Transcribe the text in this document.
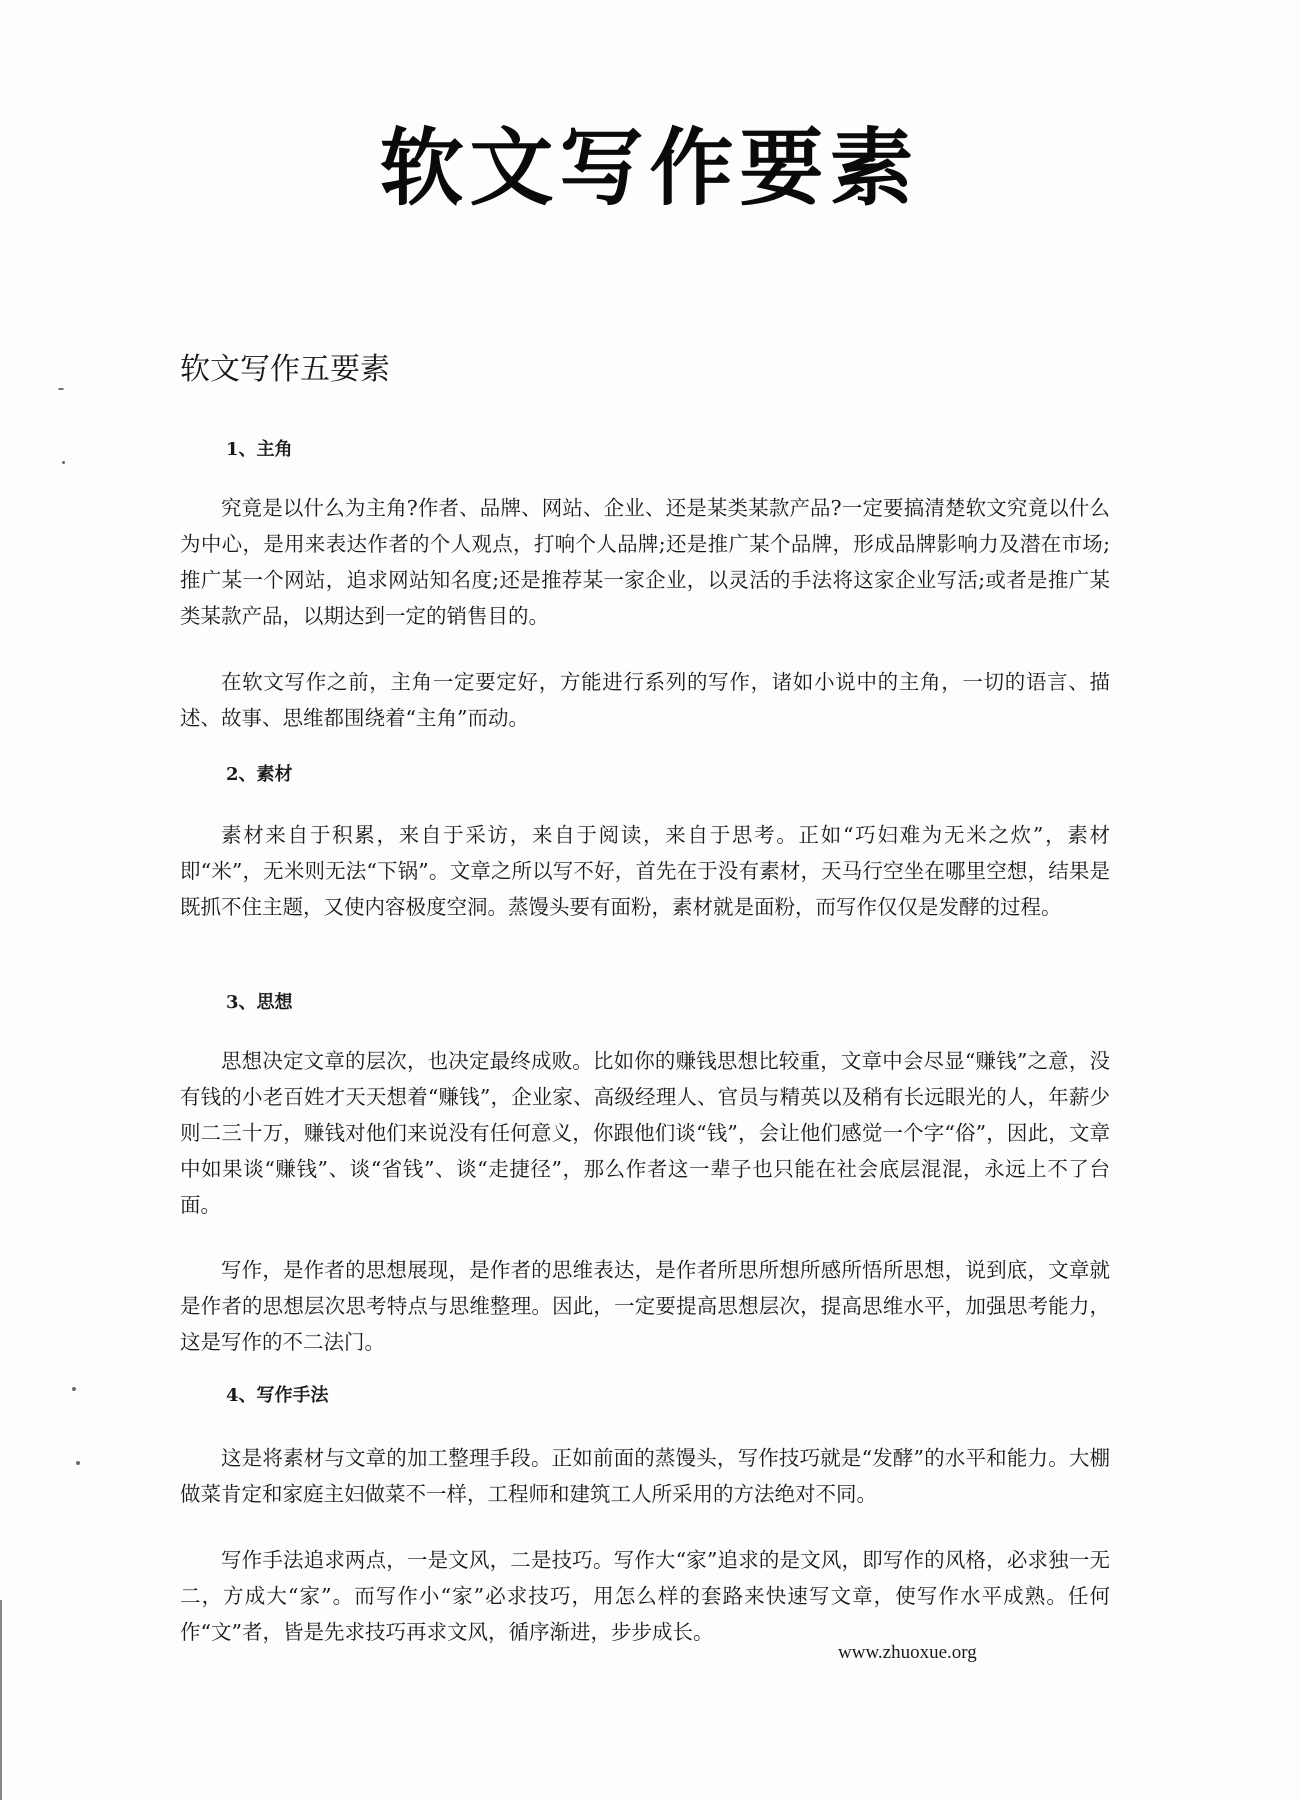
软文写作要素
软文写作五要素
1、主角

究竟是以什么为主角?作者、品牌、网站、企业、还是某类某款产品?一定要搞清楚软文究竟以什么为中心，是用来表达作者的个人观点，打响个人品牌;还是推广某个品牌，形成品牌影响力及潜在市场;推广某一个网站，追求网站知名度;还是推荐某一家企业，以灵活的手法将这家企业写活;或者是推广某类某款产品，以期达到一定的销售目的。

在软文写作之前，主角一定要定好，方能进行系列的写作，诸如小说中的主角，一切的语言、描述、故事、思维都围绕着“主角”而动。

2、素材

素材来自于积累，来自于采访，来自于阅读，来自于思考。正如“巧妇难为无米之炊”，素材即“米”，无米则无法“下锅”。文章之所以写不好，首先在于没有素材，天马行空坐在哪里空想，结果是既抓不住主题，又使内容极度空洞。蒸馒头要有面粉，素材就是面粉，而写作仅仅是发酵的过程。

3、思想

思想决定文章的层次，也决定最终成败。比如你的赚钱思想比较重，文章中会尽显“赚钱”之意，没有钱的小老百姓才天天想着“赚钱”，企业家、高级经理人、官员与精英以及稍有长远眼光的人，年薪少则二三十万，赚钱对他们来说没有任何意义，你跟他们谈“钱”，会让他们感觉一个字“俗”，因此，文章中如果谈“赚钱”、谈“省钱”、谈“走捷径”，那么作者这一辈子也只能在社会底层混混，永远上不了台面。

写作，是作者的思想展现，是作者的思维表达，是作者所思所想所感所悟所思想，说到底，文章就是作者的思想层次思考特点与思维整理。因此，一定要提高思想层次，提高思维水平，加强思考能力，这是写作的不二法门。

4、写作手法

这是将素材与文章的加工整理手段。正如前面的蒸馒头，写作技巧就是“发酵”的水平和能力。大棚做菜肯定和家庭主妇做菜不一样，工程师和建筑工人所采用的方法绝对不同。

写作手法追求两点，一是文风，二是技巧。写作大“家”追求的是文风，即写作的风格，必求独一无二，方成大“家”。而写作小“家”必求技巧，用怎么样的套路来快速写文章，使写作水平成熟。任何作“文”者，皆是先求技巧再求文风，循序渐进，步步成长。

www.zhuoxue.org
